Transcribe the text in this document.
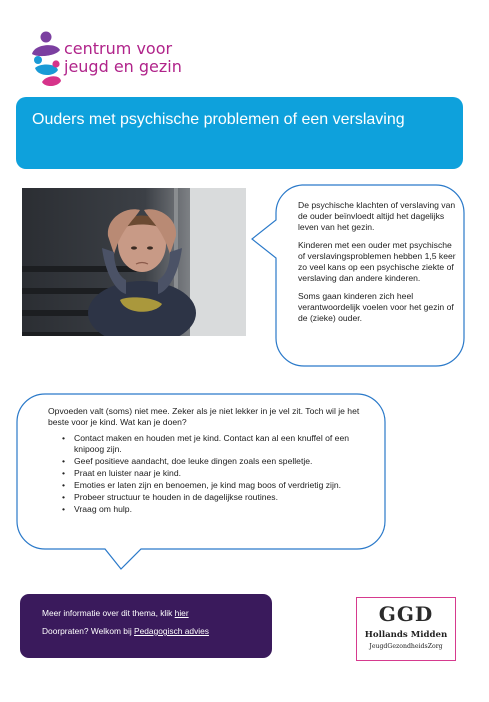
centrum voor
jeugd en gezin
Ouders met psychische problemen of een verslaving

De psychische klachten of verslaving van de ouder beïnvloedt altijd het dagelijks leven van het gezin.

Kinderen met een ouder met psychische of verslavingsproblemen hebben 1,5 keer zo veel kans op een psychische ziekte of verslaving dan andere kinderen.

Soms gaan kinderen zich heel verantwoordelijk voelen voor het gezin of de (zieke) ouder.

Opvoeden valt (soms) niet mee. Zeker als je niet lekker in je vel zit. Toch wil je het beste voor je kind. Wat kan je doen?

• Contact maken en houden met je kind. Contact kan al een knuffel of een knipoog zijn.
• Geef positieve aandacht, doe leuke dingen zoals een spelletje.
• Praat en luister naar je kind.
• Emoties er laten zijn en benoemen, je kind mag boos of verdrietig zijn.
• Probeer structuur te houden in de dagelijkse routines.
• Vraag om hulp.
Meer informatie over dit thema, klik hier
Doorpraten? Welkom bij Pedagogisch advies
GGD
Hollands Midden
JeugdGezondheidsZorg
